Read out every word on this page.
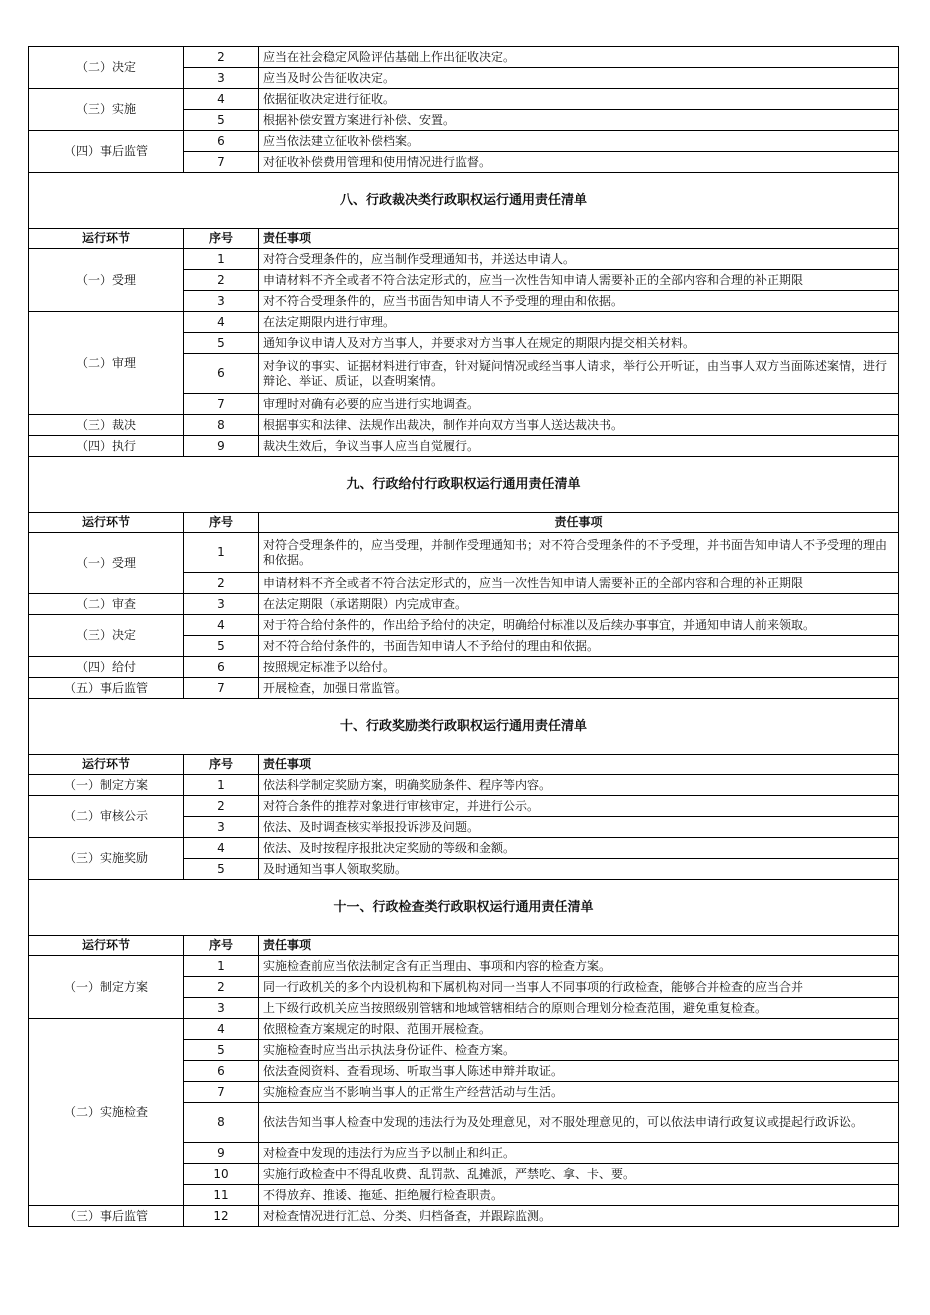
（二）决定	2	应当在社会稳定风险评估基础上作出征收决定。
	3	应当及时公告征收决定。
（三）实施	4	依据征收决定进行征收。
	5	根据补偿安置方案进行补偿、安置。
（四）事后监管	6	应当依法建立征收补偿档案。
	7	对征收补偿费用管理和使用情况进行监督。
八、行政裁决类行政职权运行通用责任清单		
运行环节	序号	责任事项
（一）受理	1	对符合受理条件的，应当制作受理通知书，并送达申请人。
	2	申请材料不齐全或者不符合法定形式的，应当一次性告知申请人需要补正的全部内容和合理的补正期限
	3	对不符合受理条件的，应当书面告知申请人不予受理的理由和依据。
（二）审理	4	在法定期限内进行审理。
	5	通知争议申请人及对方当事人，并要求对方当事人在规定的期限内提交相关材料。
	6	对争议的事实、证据材料进行审查，针对疑问情况或经当事人请求，举行公开听证，由当事人双方当面陈述案情，进行辩论、举证、质证，以查明案情。
	7	审理时对确有必要的应当进行实地调查。
（三）裁决	8	根据事实和法律、法规作出裁决，制作并向双方当事人送达裁决书。
（四）执行	9	裁决生效后，争议当事人应当自觉履行。
九、行政给付行政职权运行通用责任清单		
运行环节	序号	责任事项
（一）受理	1	对符合受理条件的，应当受理，并制作受理通知书；对不符合受理条件的不予受理，并书面告知申请人不予受理的理由和依据。
	2	申请材料不齐全或者不符合法定形式的，应当一次性告知申请人需要补正的全部内容和合理的补正期限
（二）审查	3	在法定期限（承诺期限）内完成审查。
（三）决定	4	对于符合给付条件的，作出给予给付的决定，明确给付标准以及后续办事事宜，并通知申请人前来领取。
	5	对不符合给付条件的，书面告知申请人不予给付的理由和依据。
（四）给付	6	按照规定标准予以给付。
（五）事后监管	7	开展检查，加强日常监管。
十、行政奖励类行政职权运行通用责任清单		
运行环节	序号	责任事项
（一）制定方案	1	依法科学制定奖励方案，明确奖励条件、程序等内容。
（二）审核公示	2	对符合条件的推荐对象进行审核审定，并进行公示。
	3	依法、及时调查核实举报投诉涉及问题。
（三）实施奖励	4	依法、及时按程序报批决定奖励的等级和金额。
	5	及时通知当事人领取奖励。
十一、行政检查类行政职权运行通用责任清单		
运行环节	序号	责任事项
（一）制定方案	1	实施检查前应当依法制定含有正当理由、事项和内容的检查方案。
	2	同一行政机关的多个内设机构和下属机构对同一当事人不同事项的行政检查，能够合并检查的应当合并
	3	上下级行政机关应当按照级别管辖和地域管辖相结合的原则合理划分检查范围，避免重复检查。
（二）实施检查	4	依照检查方案规定的时限、范围开展检查。
	5	实施检查时应当出示执法身份证件、检查方案。
	6	依法查阅资料、查看现场、听取当事人陈述申辩并取证。
	7	实施检查应当不影响当事人的正常生产经营活动与生活。
	8	依法告知当事人检查中发现的违法行为及处理意见，对不服处理意见的，可以依法申请行政复议或提起行政诉讼。
	9	对检查中发现的违法行为应当予以制止和纠正。
	10	实施行政检查中不得乱收费、乱罚款、乱摊派，严禁吃、拿、卡、要。
	11	不得放弃、推诿、拖延、拒绝履行检查职责。
（三）事后监管	12	对检查情况进行汇总、分类、归档备查，并跟踪监测。
